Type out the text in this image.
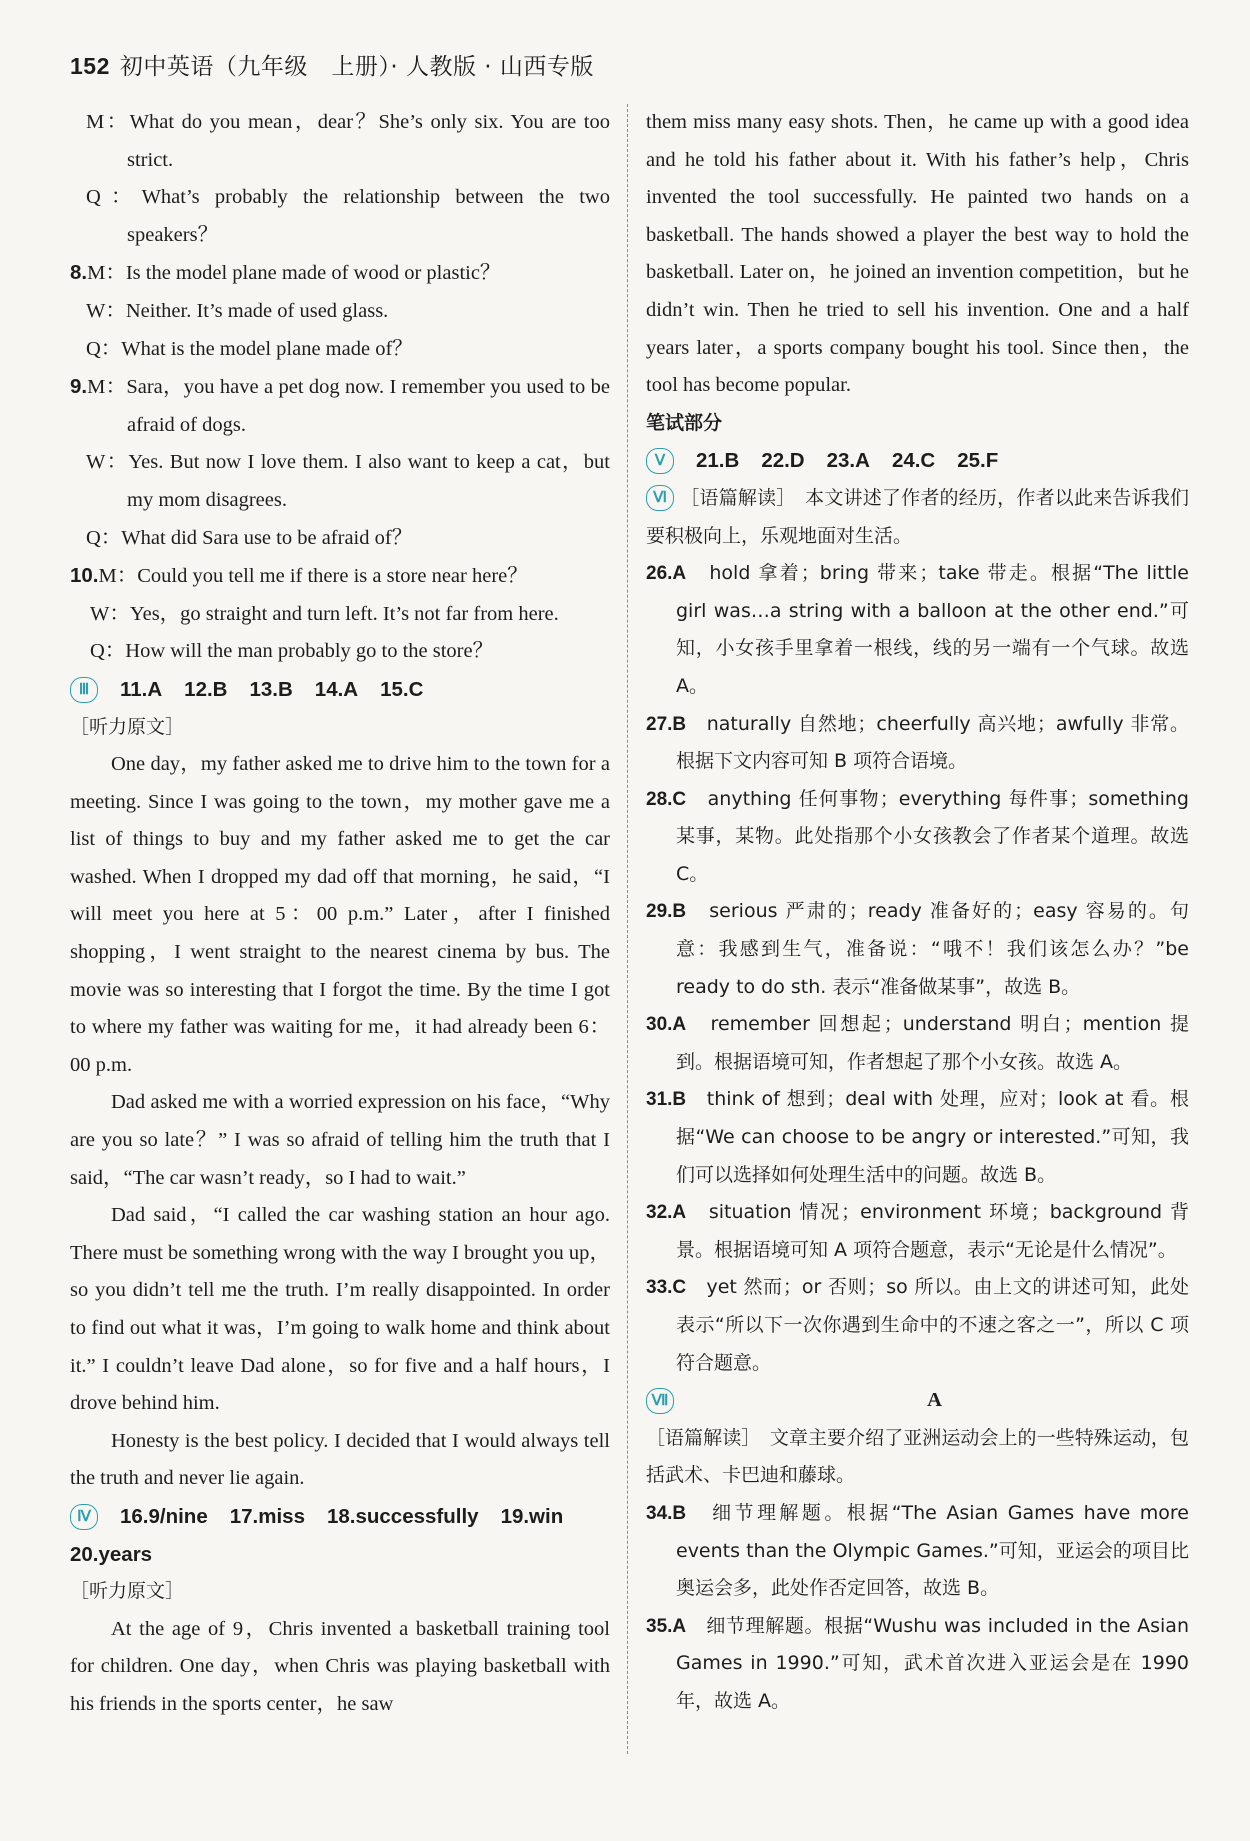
152 初中英语（九年级　上册）· 人教版 · 山西专版

M：What do you mean，dear？She’s only six. You are too strict.

Q：What’s probably the relationship between the two speakers？

8.M：Is the model plane made of wood or plastic？

W：Neither. It’s made of used glass.

Q：What is the model plane made of？

9.M：Sara，you have a pet dog now. I remember you used to be afraid of dogs.

W：Yes. But now I love them. I also want to keep a cat，but my mom disagrees.

Q：What did Sara use to be afraid of？

10.M：Could you tell me if there is a store near here？

W：Yes，go straight and turn left. It’s not far from here.

Q：How will the man probably go to the store？

Ⅲ 11.A 12.B 13.B 14.A 15.C

［听力原文］

One day，my father asked me to drive him to the town for a meeting. Since I was going to the town，my mother gave me a list of things to buy and my father asked me to get the car washed. When I dropped my dad off that morning，he said，“I will meet you here at 5：00 p.m.” Later，after I finished shopping，I went straight to the nearest cinema by bus. The movie was so interesting that I forgot the time. By the time I got to where my father was waiting for me，it had already been 6：00 p.m.

Dad asked me with a worried expression on his face，“Why are you so late？” I was so afraid of telling him the truth that I said，“The car wasn’t ready，so I had to wait.”

Dad said，“I called the car washing station an hour ago. There must be something wrong with the way I brought you up，so you didn’t tell me the truth. I’m really disappointed. In order to find out what it was，I’m going to walk home and think about it.” I couldn’t leave Dad alone，so for five and a half hours，I drove behind him.

Honesty is the best policy. I decided that I would always tell the truth and never lie again.

Ⅳ 16.9/nine 17.miss 18.successfully 19.win
20.years

［听力原文］

At the age of 9，Chris invented a basketball training tool for children. One day，when Chris was playing basketball with his friends in the sports center，he saw

them miss many easy shots. Then，he came up with a good idea and he told his father about it. With his father’s help，Chris invented the tool successfully. He painted two hands on a basketball. The hands showed a player the best way to hold the basketball. Later on，he joined an invention competition，but he didn’t win. Then he tried to sell his invention. One and a half years later，a sports company bought his tool. Since then，the tool has become popular.

笔试部分

Ⅴ 21.B 22.D 23.A 24.C 25.F

Ⅵ ［语篇解读］　本文讲述了作者的经历，作者以此来告诉我们要积极向上，乐观地面对生活。

26.A　 hold 拿着；bring 带来；take 带走。根据“The little girl was…a string with a balloon at the other end.”可知，小女孩手里拿着一根线，线的另一端有一个气球。故选 A。

27.B　 naturally 自然地；cheerfully 高兴地；awfully 非常。根据下文内容可知 B 项符合语境。

28.C　 anything 任何事物；everything 每件事；something 某事，某物。此处指那个小女孩教会了作者某个道理。故选 C。

29.B　 serious 严肃的；ready 准备好的；easy 容易的。句意：我感到生气，准备说：“哦不！我们该怎么办？”be ready to do sth. 表示“准备做某事”，故选 B。

30.A　 remember 回想起；understand 明白；mention 提到。根据语境可知，作者想起了那个小女孩。故选 A。

31.B　 think of 想到；deal with 处理，应对；look at 看。根据“We can choose to be angry or interested.”可知，我们可以选择如何处理生活中的问题。故选 B。

32.A　 situation 情况；environment 环境；background 背景。根据语境可知 A 项符合题意，表示“无论是什么情况”。

33.C　 yet 然而；or 否则；so 所以。由上文的讲述可知，此处表示“所以下一次你遇到生命中的不速之客之一”，所以 C 项符合题意。

Ⅶ	A

［语篇解读］　文章主要介绍了亚洲运动会上的一些特殊运动，包括武术、卡巴迪和藤球。

34.B　 细节理解题。根据“The Asian Games have more events than the Olympic Games.”可知，亚运会的项目比奥运会多，此处作否定回答，故选 B。

35.A　 细节理解题。根据“Wushu was included in the Asian Games in 1990.”可知，武术首次进入亚运会是在 1990 年，故选 A。
